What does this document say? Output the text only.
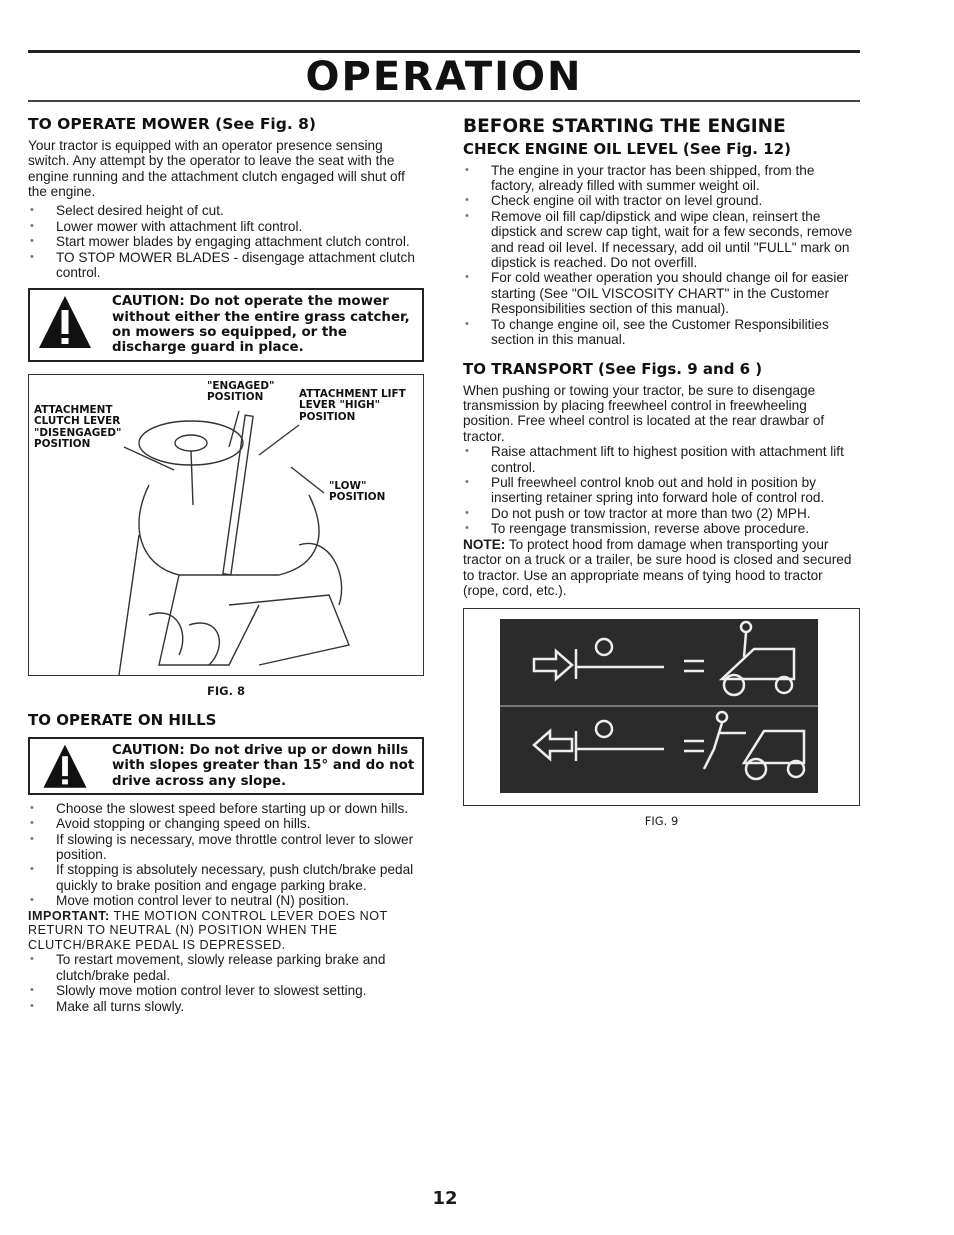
OPERATION
TO OPERATE MOWER (See Fig. 8)

Your tractor is equipped with an operator presence sensing switch. Any attempt by the operator to leave the seat with the engine running and the attachment clutch engaged will shut off the engine.

• Select desired height of cut.
• Lower mower with attachment lift control.
• Start mower blades by engaging attachment clutch control.
• TO STOP MOWER BLADES - disengage attachment clutch control.
CAUTION: Do not operate the mower without either the entire grass catcher, on mowers so equipped, or the discharge guard in place.
"ENGAGED" POSITION
ATTACHMENT CLUTCH LEVER "DISENGAGED" POSITION
ATTACHMENT LIFT LEVER "HIGH" POSITION
"LOW" POSITION
FIG. 8
TO OPERATE ON HILLS
CAUTION: Do not drive up or down hills with slopes greater than 15° and do not drive across any slope.
• Choose the slowest speed before starting up or down hills.
• Avoid stopping or changing speed on hills.
• If slowing is necessary, move throttle control lever to slower position.
• If stopping is absolutely necessary, push clutch/brake pedal quickly to brake position and engage parking brake.
• Move motion control lever to neutral (N) position.

IMPORTANT: THE MOTION CONTROL LEVER DOES NOT RETURN TO NEUTRAL (N) POSITION WHEN THE CLUTCH/BRAKE PEDAL IS DEPRESSED.

• To restart movement, slowly release parking brake and clutch/brake pedal.
• Slowly move motion control lever to slowest setting.
• Make all turns slowly.
BEFORE STARTING THE ENGINE
CHECK ENGINE OIL LEVEL (See Fig. 12)
• The engine in your tractor has been shipped, from the factory, already filled with summer weight oil.
• Check engine oil with tractor on level ground.
• Remove oil fill cap/dipstick and wipe clean, reinsert the dipstick and screw cap tight, wait for a few seconds, remove and read oil level. If necessary, add oil until "FULL" mark on dipstick is reached. Do not overfill.
• For cold weather operation you should change oil for easier starting (See "OIL VISCOSITY CHART" in the Customer Responsibilities section of this manual).
• To change engine oil, see the Customer Responsibilities section in this manual.
TO TRANSPORT (See Figs. 9 and 6 )

When pushing or towing your tractor, be sure to disengage transmission by placing freewheel control in freewheeling position. Free wheel control is located at the rear drawbar of tractor.

• Raise attachment lift to highest position with attachment lift control.
• Pull freewheel control knob out and hold in position by inserting retainer spring into forward hole of control rod.
• Do not push or tow tractor at more than two (2) MPH.
• To reengage transmission, reverse above procedure.

NOTE: To protect hood from damage when transporting your tractor on a truck or a trailer, be sure hood is closed and secured to tractor. Use an appropriate means of tying hood to tractor (rope, cord, etc.).

FIG. 9
12
